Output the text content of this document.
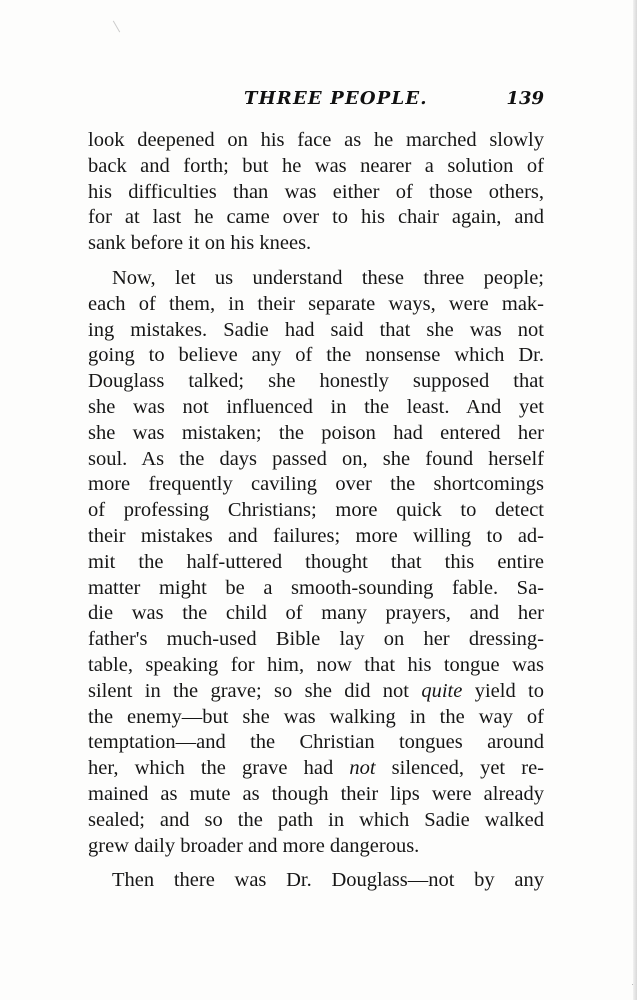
THREE PEOPLE.	139
look deepened on his face as he marched slowly
back and forth; but he was nearer a solution of
his difficulties than was either of those others,
for at last he came over to his chair again, and
sank before it on his knees.
Now, let us understand these three people;
each of them, in their separate ways, were mak-
ing mistakes. Sadie had said that she was not
going to believe any of the nonsense which Dr.
Douglass talked; she honestly supposed that
she was not influenced in the least. And yet
she was mistaken; the poison had entered her
soul. As the days passed on, she found herself
more frequently caviling over the shortcomings
of professing Christians; more quick to detect
their mistakes and failures; more willing to ad-
mit the half-uttered thought that this entire
matter might be a smooth-sounding fable. Sa-
die was the child of many prayers, and her
father's much-used Bible lay on her dressing-
table, speaking for him, now that his tongue was
silent in the grave; so she did not quite yield to
the enemy—but she was walking in the way of
temptation—and the Christian tongues around
her, which the grave had not silenced, yet re-
mained as mute as though their lips were already
sealed; and so the path in which Sadie walked
grew daily broader and more dangerous.
Then there was Dr. Douglass—not by any
